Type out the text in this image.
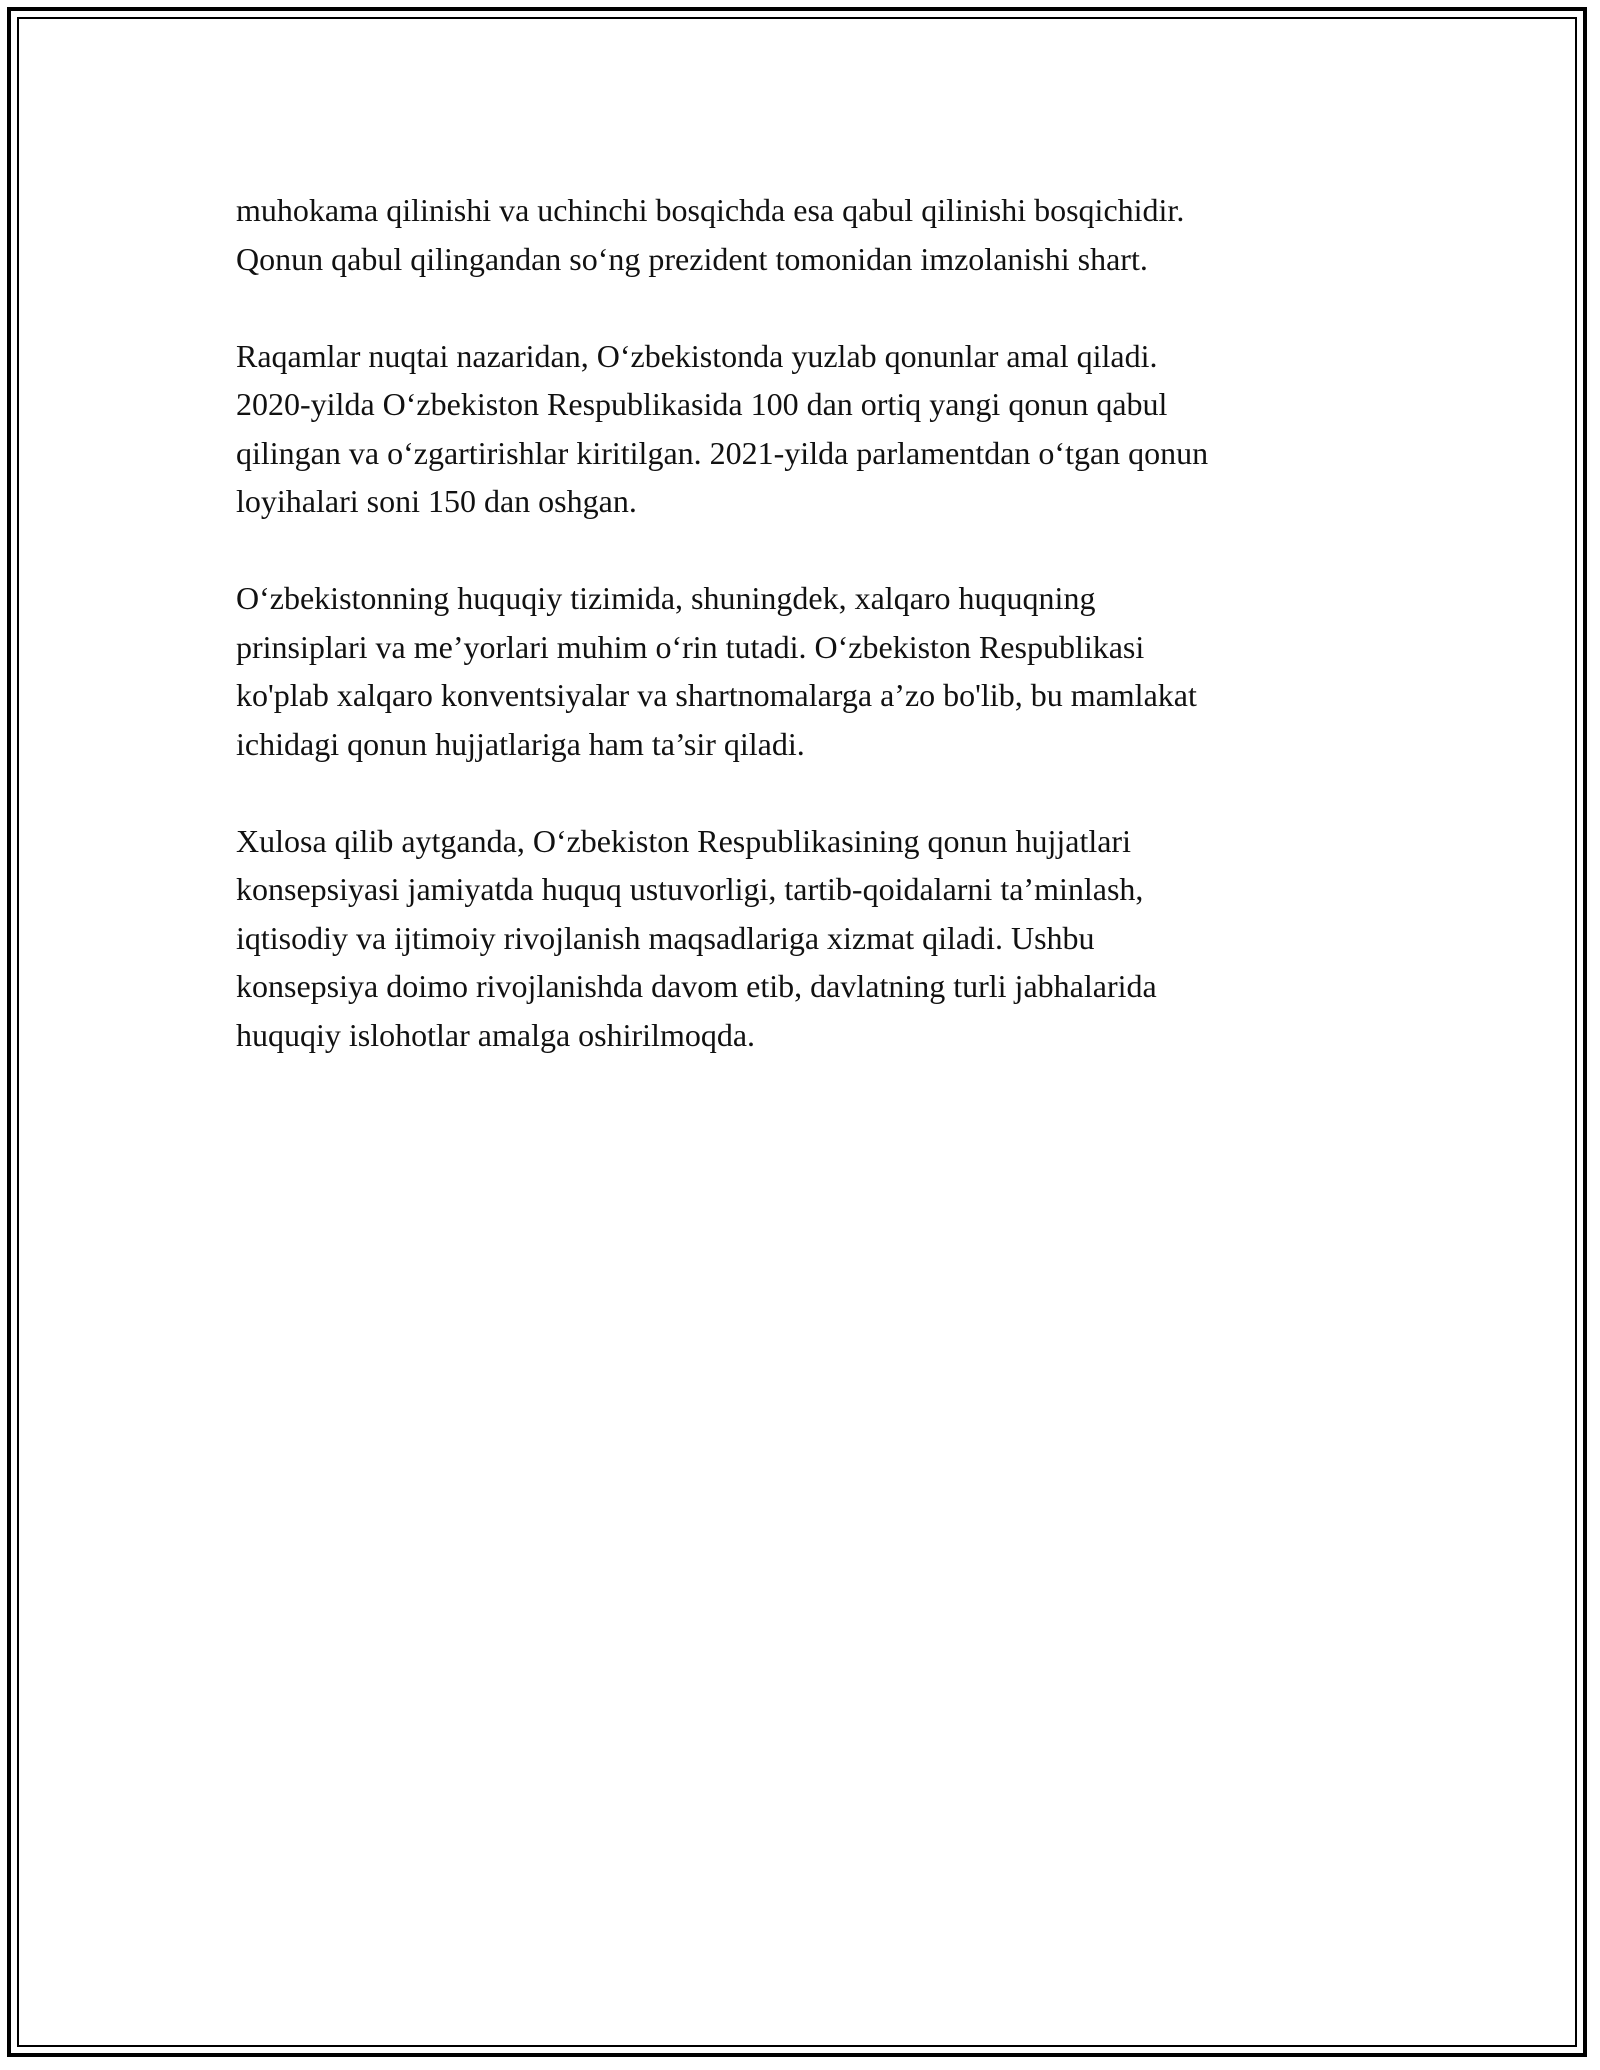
muhokama qilinishi va uchinchi bosqichda esa qabul qilinishi bosqichidir.
Qonun qabul qilingandan so‘ng prezident tomonidan imzolanishi shart.

Raqamlar nuqtai nazaridan, O‘zbekistonda yuzlab qonunlar amal qiladi.
2020-yilda O‘zbekiston Respublikasida 100 dan ortiq yangi qonun qabul
qilingan va o‘zgartirishlar kiritilgan. 2021-yilda parlamentdan o‘tgan qonun
loyihalari soni 150 dan oshgan.

O‘zbekistonning huquqiy tizimida, shuningdek, xalqaro huquqning
prinsiplari va me’yorlari muhim o‘rin tutadi. O‘zbekiston Respublikasi
ko'plab xalqaro konventsiyalar va shartnomalarga a’zo bo'lib, bu mamlakat
ichidagi qonun hujjatlariga ham ta’sir qiladi.

Xulosa qilib aytganda, O‘zbekiston Respublikasining qonun hujjatlari
konsepsiyasi jamiyatda huquq ustuvorligi, tartib-qoidalarni ta’minlash,
iqtisodiy va ijtimoiy rivojlanish maqsadlariga xizmat qiladi. Ushbu
konsepsiya doimo rivojlanishda davom etib, davlatning turli jabhalarida
huquqiy islohotlar amalga oshirilmoqda.
